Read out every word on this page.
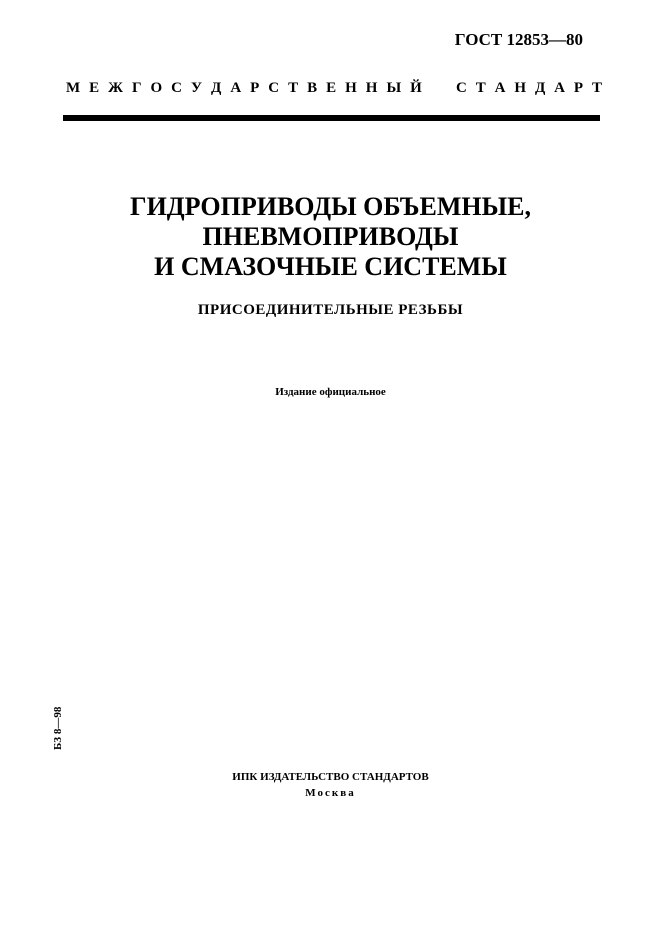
ГОСТ 12853—80
М Е Ж Г О С У Д А Р С Т В Е Н Н Ы Й С Т А Н Д А Р Т
ГИДРОПРИВОДЫ ОБЪЕМНЫЕ,
ПНЕВМОПРИВОДЫ
И СМАЗОЧНЫЕ СИСТЕМЫ
ПРИСОЕДИНИТЕЛЬНЫЕ РЕЗЬБЫ
Издание официальное
БЗ 8—98
ИПК ИЗДАТЕЛЬСТВО СТАНДАРТОВ
Москва
